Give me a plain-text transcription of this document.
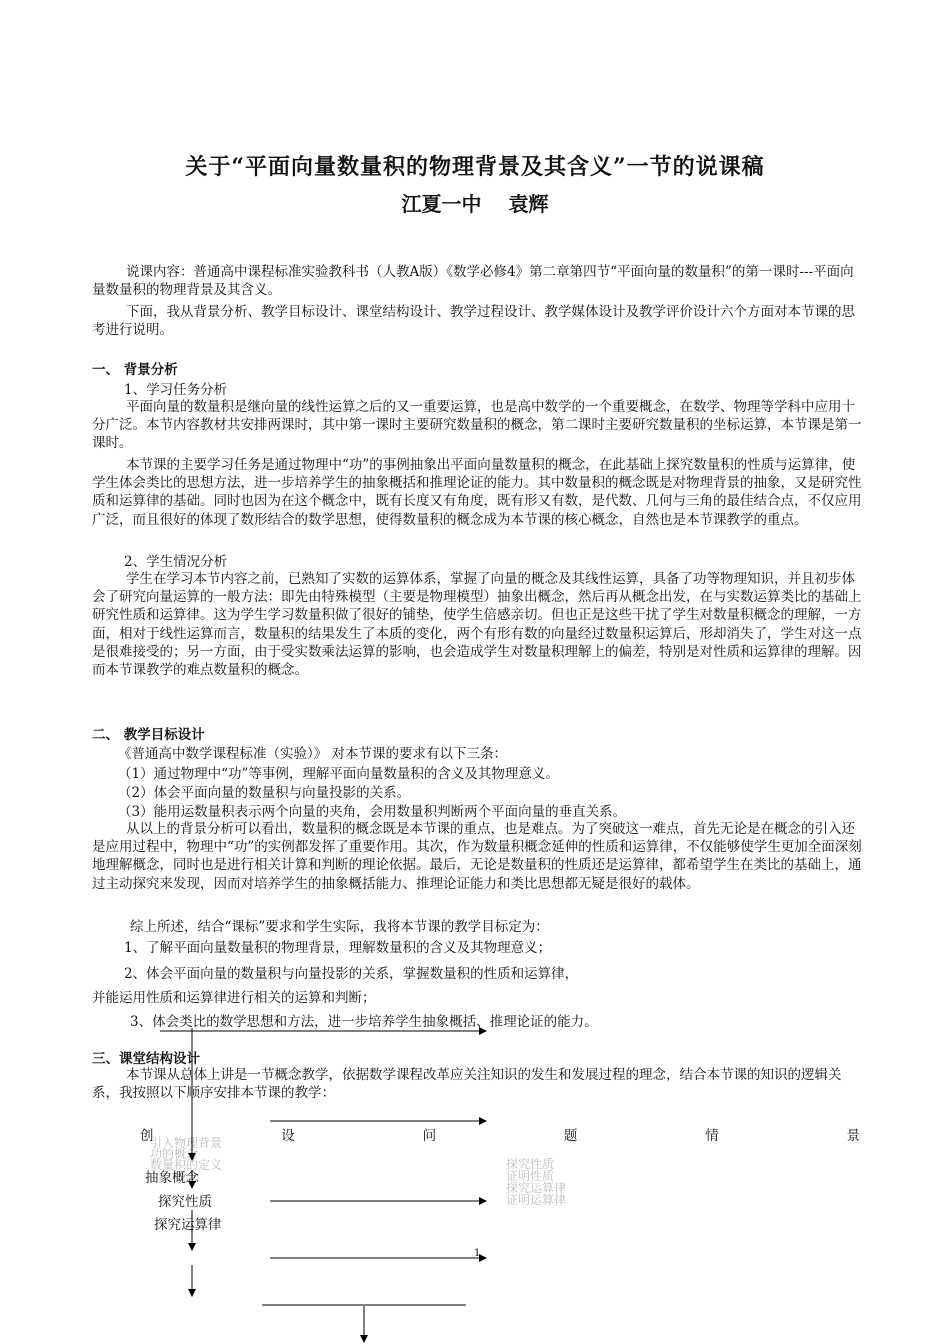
关于“平面向量数量积的物理背景及其含义”一节的说课稿
江夏一中 袁辉
说课内容：普通高中课程标准实验教科书（人教A版）《数学必修4》第二章第四节“平面向量的数量积”的第一课时---平面向量数量积的物理背景及其含义。
下面，我从背景分析、教学目标设计、课堂结构设计、教学过程设计、教学媒体设计及教学评价设计六个方面对本节课的思考进行说明。
一、 背景分析
1、学习任务分析
平面向量的数量积是继向量的线性运算之后的又一重要运算，也是高中数学的一个重要概念，在数学、物理等学科中应用十分广泛。本节内容教材共安排两课时，其中第一课时主要研究数量积的概念，第二课时主要研究数量积的坐标运算，本节课是第一课时。
本节课的主要学习任务是通过物理中“功”的事例抽象出平面向量数量积的概念，在此基础上探究数量积的性质与运算律，使学生体会类比的思想方法，进一步培养学生的抽象概括和推理论证的能力。其中数量积的概念既是对物理背景的抽象，又是研究性质和运算律的基础。同时也因为在这个概念中，既有长度又有角度，既有形又有数，是代数、几何与三角的最佳结合点，不仅应用广泛，而且很好的体现了数形结合的数学思想，使得数量积的概念成为本节课的核心概念，自然也是本节课教学的重点。
2、学生情况分析
学生在学习本节内容之前，已熟知了实数的运算体系，掌握了向量的概念及其线性运算，具备了功等物理知识，并且初步体会了研究向量运算的一般方法：即先由特殊模型（主要是物理模型）抽象出概念，然后再从概念出发，在与实数运算类比的基础上研究性质和运算律。这为学生学习数量积做了很好的铺垫，使学生倍感亲切。但也正是这些干扰了学生对数量积概念的理解，一方面，相对于线性运算而言，数量积的结果发生了本质的变化，两个有形有数的向量经过数量积运算后，形却消失了，学生对这一点是很难接受的；另一方面，由于受实数乘法运算的影响，也会造成学生对数量积理解上的偏差，特别是对性质和运算律的理解。因而本节课教学的难点数量积的概念。
二、 教学目标设计
《普通高中数学课程标准（实验）》 对本节课的要求有以下三条：
（1）通过物理中“功”等事例，理解平面向量数量积的含义及其物理意义。
（2）体会平面向量的数量积与向量投影的关系。
（3）能用运数量积表示两个向量的夹角，会用数量积判断两个平面向量的垂直关系。
从以上的背景分析可以看出，数量积的概念既是本节课的重点，也是难点。为了突破这一难点，首先无论是在概念的引入还是应用过程中，物理中“功”的实例都发挥了重要作用。其次，作为数量积概念延伸的性质和运算律，不仅能够使学生更加全面深刻地理解概念，同时也是进行相关计算和判断的理论依据。最后，无论是数量积的性质还是运算律，都希望学生在类比的基础上，通过主动探究来发现，因而对培养学生的抽象概括能力、推理论证能力和类比思想都无疑是很好的载体。
综上所述，结合“课标”要求和学生实际，我将本节课的教学目标定为：
1、了解平面向量数量积的物理背景，理解数量积的含义及其物理意义；
2、体会平面向量的数量积与向量投影的关系，掌握数量积的性质和运算律，
并能运用性质和运算律进行相关的运算和判断；
3、体会类比的数学思想和方法，进一步培养学生抽象概括、推理论证的能力。
三、课堂结构设计
本节课从总体上讲是一节概念教学，依据数学课程改革应关注知识的发生和发展过程的理念，结合本节课的知识的逻辑关系，我按照以下顺序安排本节课的教学：
创	设	问	题	情	景
引入物理背景
功的概念
数量积的定义
抽象概念
探究性质
探究运算律
探究性质
证明性质
探究运算律
证明运算律
1
